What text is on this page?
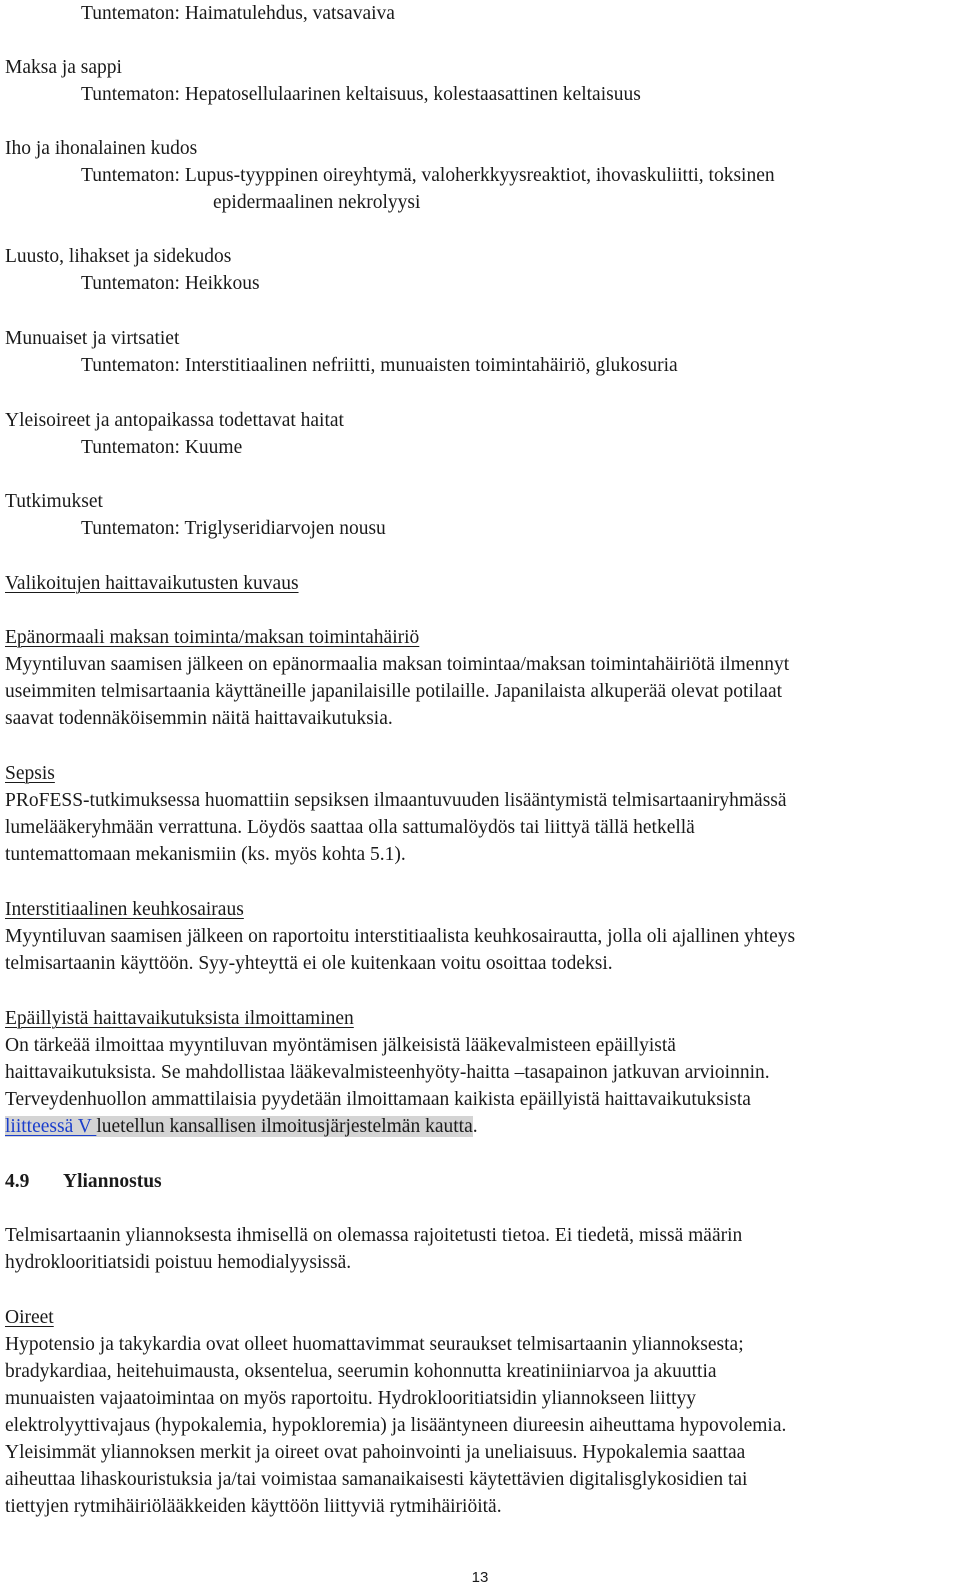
Tuntematon: Haimatulehdus, vatsavaiva
Maksa ja sappi
Tuntematon: Hepatosellulaarinen keltaisuus, kolestaasattinen keltaisuus
Iho ja ihonalainen kudos
Tuntematon: Lupus-tyyppinen oireyhtymä, valoherkkyysreaktiot, ihovaskuliitti, toksinen
epidermaalinen nekrolyysi
Luusto, lihakset ja sidekudos
Tuntematon: Heikkous
Munuaiset ja virtsatiet
Tuntematon: Interstitiaalinen nefriitti, munuaisten toimintahäiriö, glukosuria
Yleisoireet ja antopaikassa todettavat haitat
Tuntematon: Kuume
Tutkimukset
Tuntematon: Triglyseridiarvojen nousu
Valikoitujen haittavaikutusten kuvaus
Epänormaali maksan toiminta/maksan toimintahäiriö
Myyntiluvan saamisen jälkeen on epänormaalia maksan toimintaa/maksan toimintahäiriötä ilmennyt
useimmiten telmisartaania käyttäneille japanilaisille potilaille. Japanilaista alkuperää olevat potilaat
saavat todennäköisemmin näitä haittavaikutuksia.
Sepsis
PRoFESS-tutkimuksessa huomattiin sepsiksen ilmaantuvuuden lisääntymistä telmisartaaniryhmässä
lumelääkeryhmään verrattuna. Löydös saattaa olla sattumalöydös tai liittyä tällä hetkellä
tuntemattomaan mekanismiin (ks. myös kohta 5.1).
Interstitiaalinen keuhkosairaus
Myyntiluvan saamisen jälkeen on raportoitu interstitiaalista keuhkosairautta, jolla oli ajallinen yhteys
telmisartaanin käyttöön. Syy-yhteyttä ei ole kuitenkaan voitu osoittaa todeksi.
Epäillyistä haittavaikutuksista ilmoittaminen
On tärkeää ilmoittaa myyntiluvan myöntämisen jälkeisistä lääkevalmisteen epäillyistä
haittavaikutuksista. Se mahdollistaa lääkevalmisteenhyöty-haitta –tasapainon jatkuvan arvioinnin.
Terveydenhuollon ammattilaisia pyydetään ilmoittamaan kaikista epäillyistä haittavaikutuksista
liitteessä V luetellun kansallisen ilmoitusjärjestelmän kautta.
4.9 Yliannostus
Telmisartaanin yliannoksesta ihmisellä on olemassa rajoitetusti tietoa. Ei tiedetä, missä määrin
hydroklooritiatsidi poistuu hemodialyysissä.
Oireet
Hypotensio ja takykardia ovat olleet huomattavimmat seuraukset telmisartaanin yliannoksesta;
bradykardiaa, heitehuimausta, oksentelua, seerumin kohonnutta kreatiniiniarvoa ja akuuttia
munuaisten vajaatoimintaa on myös raportoitu. Hydroklooritiatsidin yliannokseen liittyy
elektrolyyttivajaus (hypokalemia, hypokloremia) ja lisääntyneen diureesin aiheuttama hypovolemia.
Yleisimmät yliannoksen merkit ja oireet ovat pahoinvointi ja uneliaisuus. Hypokalemia saattaa
aiheuttaa lihaskouristuksia ja/tai voimistaa samanaikaisesti käytettävien digitalisglykosidien tai
tiettyjen rytmihäiriölääkkeiden käyttöön liittyviä rytmihäiriöitä.
13
